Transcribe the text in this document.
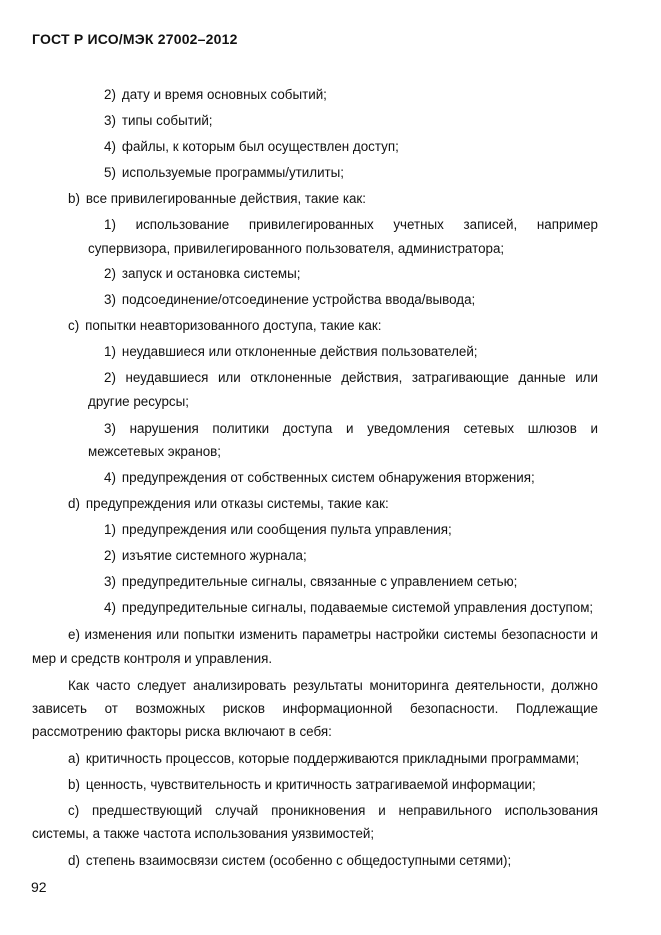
ГОСТ Р ИСО/МЭК 27002–2012
2) дату и время основных событий;
3) типы событий;
4) файлы, к которым был осуществлен доступ;
5) используемые программы/утилиты;
b) все привилегированные действия, такие как:
1) использование привилегированных учетных записей, например
супервизора, привилегированного пользователя, администратора;
2) запуск и остановка системы;
3) подсоединение/отсоединение устройства ввода/вывода;
c) попытки неавторизованного доступа, такие как:
1) неудавшиеся или отклоненные действия пользователей;
2) неудавшиеся или отклоненные действия, затрагивающие данные или
другие ресурсы;
3) нарушения политики доступа и уведомления сетевых шлюзов и
межсетевых экранов;
4) предупреждения от собственных систем обнаружения вторжения;
d) предупреждения или отказы системы, такие как:
1) предупреждения или сообщения пульта управления;
2) изъятие системного журнала;
3) предупредительные сигналы, связанные с управлением сетью;
4) предупредительные сигналы, подаваемые системой управления доступом;
e) изменения или попытки изменить параметры настройки системы безопасности и
мер и средств контроля и управления.
Как часто следует анализировать результаты мониторинга деятельности, должно
зависеть от возможных рисков информационной безопасности. Подлежащие
рассмотрению факторы риска включают в себя:
a) критичность процессов, которые поддерживаются прикладными программами;
b) ценность, чувствительность и критичность затрагиваемой информации;
c) предшествующий случай проникновения и неправильного использования
системы, а также частота использования уязвимостей;
d) степень взаимосвязи систем (особенно с общедоступными сетями);
92
